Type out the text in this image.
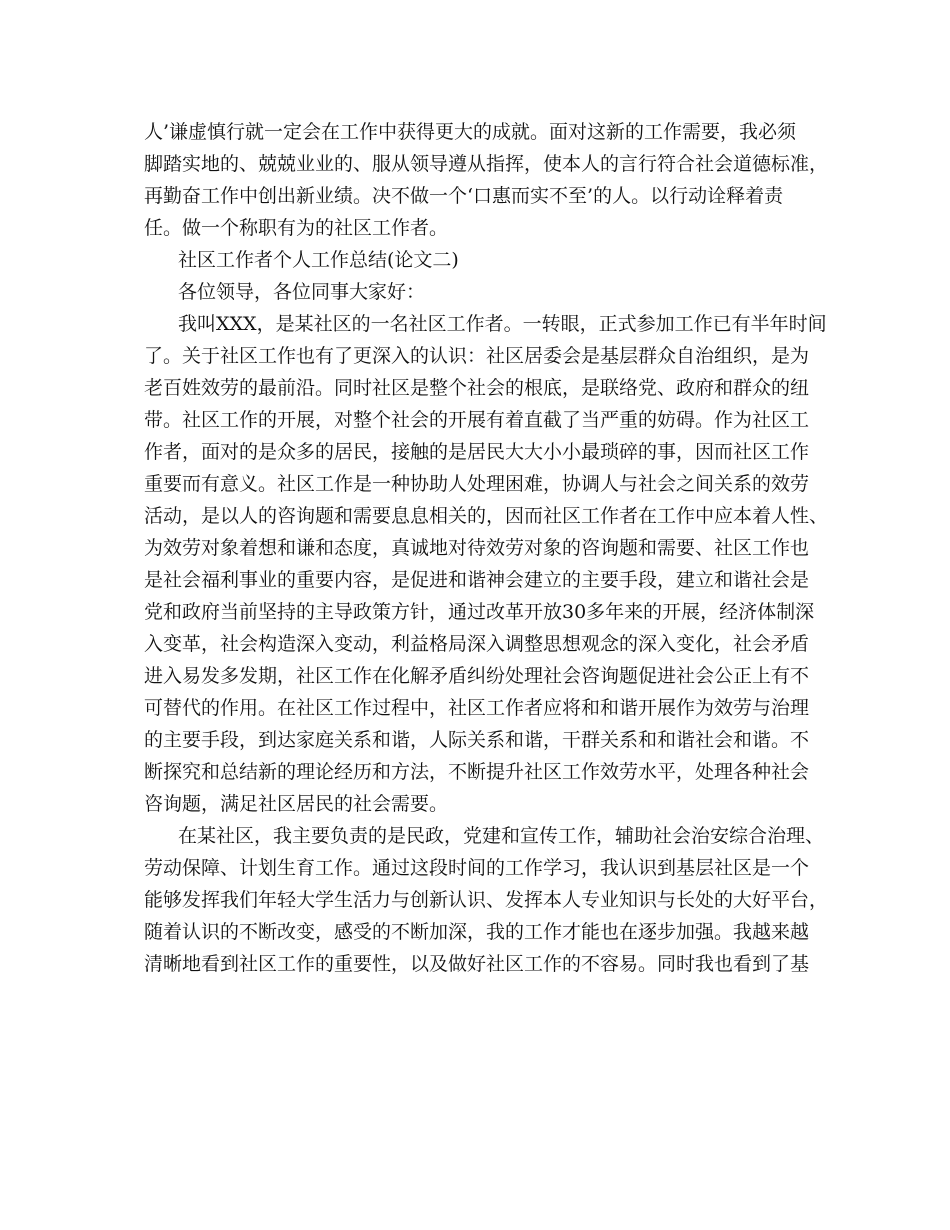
人’谦虚慎行就一定会在工作中获得更大的成就。面对这新的工作需要，我必须
脚踏实地的、兢兢业业的、服从领导遵从指挥，使本人的言行符合社会道德标准，
再勤奋工作中创出新业绩。决不做一个‘口惠而实不至’的人。以行动诠释着责
任。做一个称职有为的社区工作者。
社区工作者个人工作总结(论文二)
各位领导，各位同事大家好：
我叫XXX，是某社区的一名社区工作者。一转眼，正式参加工作已有半年时间
了。关于社区工作也有了更深入的认识：社区居委会是基层群众自治组织，是为
老百姓效劳的最前沿。同时社区是整个社会的根底，是联络党、政府和群众的纽
带。社区工作的开展，对整个社会的开展有着直截了当严重的妨碍。作为社区工
作者，面对的是众多的居民，接触的是居民大大小小最琐碎的事，因而社区工作
重要而有意义。社区工作是一种协助人处理困难，协调人与社会之间关系的效劳
活动，是以人的咨询题和需要息息相关的，因而社区工作者在工作中应本着人性、
为效劳对象着想和谦和态度，真诚地对待效劳对象的咨询题和需要、社区工作也
是社会福利事业的重要内容，是促进和谐神会建立的主要手段，建立和谐社会是
党和政府当前坚持的主导政策方针，通过改革开放30多年来的开展，经济体制深
入变革，社会构造深入变动，利益格局深入调整思想观念的深入变化，社会矛盾
进入易发多发期，社区工作在化解矛盾纠纷处理社会咨询题促进社会公正上有不
可替代的作用。在社区工作过程中，社区工作者应将和和谐开展作为效劳与治理
的主要手段，到达家庭关系和谐，人际关系和谐，干群关系和和谐社会和谐。不
断探究和总结新的理论经历和方法，不断提升社区工作效劳水平，处理各种社会
咨询题，满足社区居民的社会需要。
在某社区，我主要负责的是民政，党建和宣传工作，辅助社会治安综合治理、
劳动保障、计划生育工作。通过这段时间的工作学习，我认识到基层社区是一个
能够发挥我们年轻大学生活力与创新认识、发挥本人专业知识与长处的大好平台，
随着认识的不断改变，感受的不断加深，我的工作才能也在逐步加强。我越来越
清晰地看到社区工作的重要性，以及做好社区工作的不容易。同时我也看到了基
